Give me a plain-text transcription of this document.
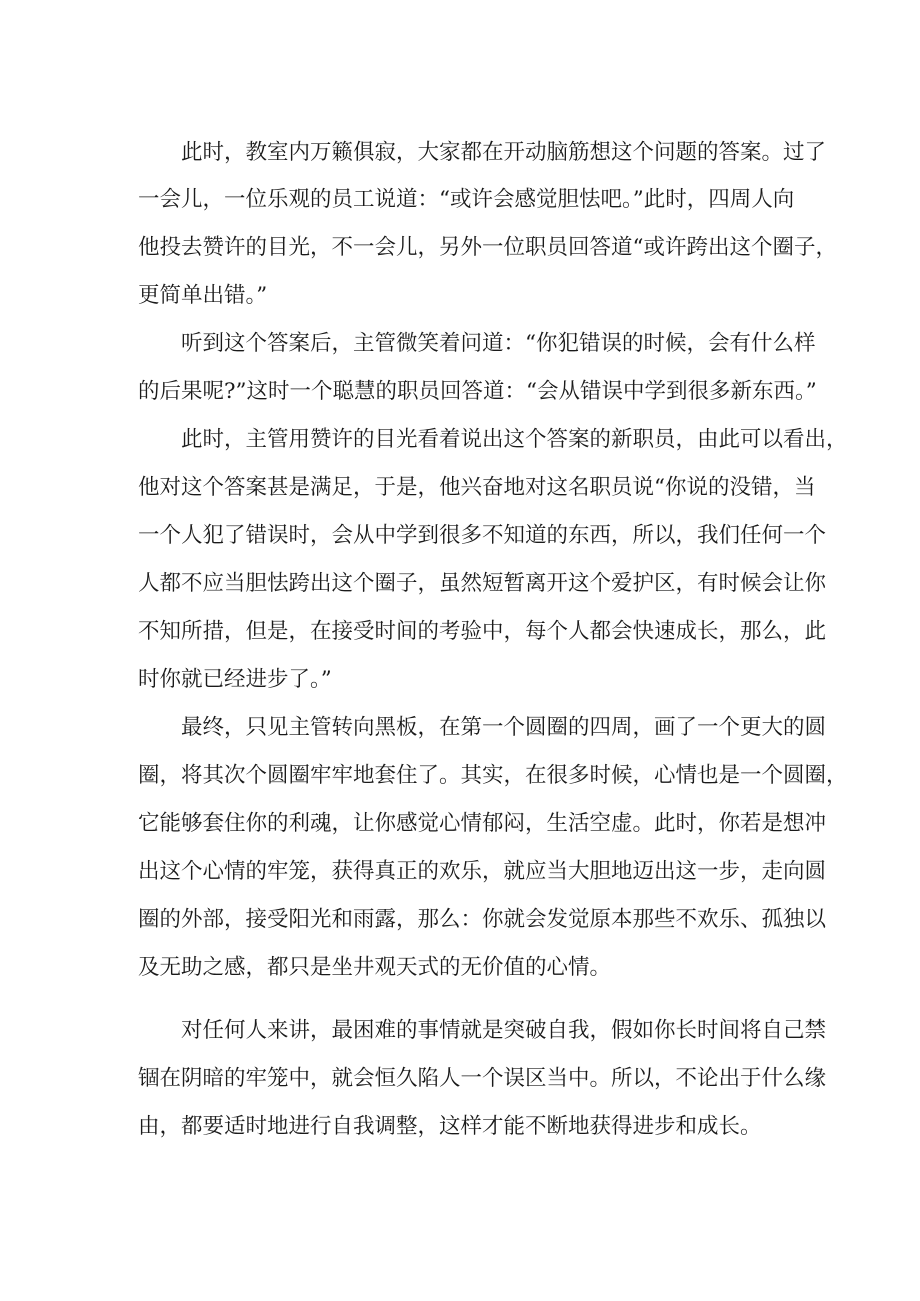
此时，教室内万籁俱寂，大家都在开动脑筋想这个问题的答案。过了
一会儿，一位乐观的员工说道：“或许会感觉胆怯吧。”此时，四周人向
他投去赞许的目光，不一会儿，另外一位职员回答道“或许跨出这个圈子，
更简单出错。”
听到这个答案后，主管微笑着问道：“你犯错误的时候，会有什么样
的后果呢?”这时一个聪慧的职员回答道：“会从错误中学到很多新东西。”
此时，主管用赞许的目光看着说出这个答案的新职员，由此可以看出，
他对这个答案甚是满足，于是，他兴奋地对这名职员说“你说的没错，当
一个人犯了错误时，会从中学到很多不知道的东西，所以，我们任何一个
人都不应当胆怯跨出这个圈子，虽然短暂离开这个爱护区，有时候会让你
不知所措，但是，在接受时间的考验中，每个人都会快速成长，那么，此
时你就已经进步了。”
最终，只见主管转向黑板，在第一个圆圈的四周，画了一个更大的圆
圈，将其次个圆圈牢牢地套住了。其实，在很多时候，心情也是一个圆圈，
它能够套住你的利魂，让你感觉心情郁闷，生活空虚。此时，你若是想冲
出这个心情的牢笼，获得真正的欢乐，就应当大胆地迈出这一步，走向圆
圈的外部，接受阳光和雨露，那么：你就会发觉原本那些不欢乐、孤独以
及无助之感，都只是坐井观天式的无价值的心情。
对任何人来讲，最困难的事情就是突破自我，假如你长时间将自己禁
锢在阴暗的牢笼中，就会恒久陷人一个误区当中。所以，不论出于什么缘
由，都要适时地进行自我调整，这样才能不断地获得进步和成长。
